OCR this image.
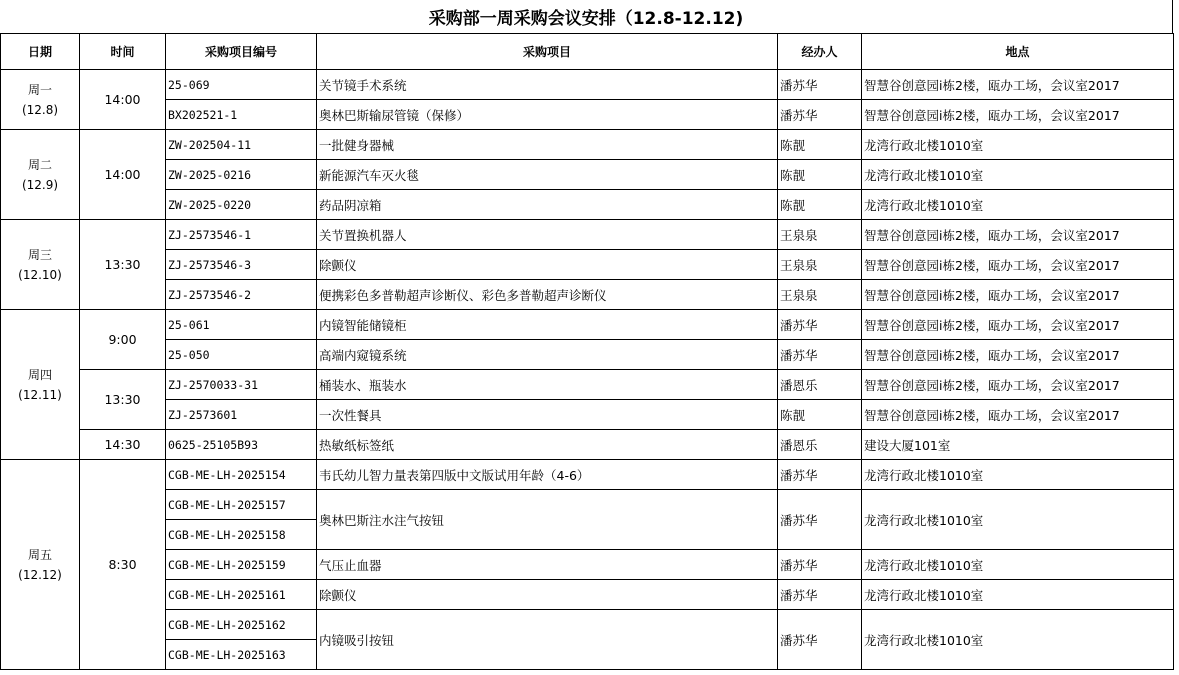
采购部一周采购会议安排（12.8-12.12)
日期	时间	采购项目编号	采购项目	经办人	地点

周一
(12.8)	14:00	25-069	关节镜手术系统	潘苏华	智慧谷创意园i栋2楼，瓯办工场，会议室2017
		BX202521-1	奥林巴斯输尿管镜（保修）	潘苏华	智慧谷创意园i栋2楼，瓯办工场，会议室2017

周二
(12.9)	14:00	ZW-202504-11	一批健身器械	陈靓	龙湾行政北楼1010室
		ZW-2025-0216	新能源汽车灭火毯	陈靓	龙湾行政北楼1010室
		ZW-2025-0220	药品阴凉箱	陈靓	龙湾行政北楼1010室

周三
(12.10)	13:30	ZJ-2573546-1	关节置换机器人	王泉泉	智慧谷创意园i栋2楼，瓯办工场，会议室2017
		ZJ-2573546-3	除颤仪	王泉泉	智慧谷创意园i栋2楼，瓯办工场，会议室2017
		ZJ-2573546-2	便携彩色多普勒超声诊断仪、彩色多普勒超声诊断仪	王泉泉	智慧谷创意园i栋2楼，瓯办工场，会议室2017

周四
(12.11)	9:00	25-061	内镜智能储镜柜	潘苏华	智慧谷创意园i栋2楼，瓯办工场，会议室2017
		25-050	高端内窥镜系统	潘苏华	智慧谷创意园i栋2楼，瓯办工场，会议室2017
	13:30	ZJ-2570033-31	桶装水、瓶装水	潘恩乐	智慧谷创意园i栋2楼，瓯办工场，会议室2017
		ZJ-2573601	一次性餐具	陈靓	智慧谷创意园i栋2楼，瓯办工场，会议室2017
	14:30	0625-25105B93	热敏纸标签纸	潘恩乐	建设大厦101室

周五
(12.12)	8:30	CGB-ME-LH-2025154	韦氏幼儿智力量表第四版中文版试用年龄（4-6）	潘苏华	龙湾行政北楼1010室
		CGB-ME-LH-2025157	奥林巴斯注水注气按钮	潘苏华	龙湾行政北楼1010室
		CGB-ME-LH-2025158			
		CGB-ME-LH-2025159	气压止血器	潘苏华	龙湾行政北楼1010室
		CGB-ME-LH-2025161	除颤仪	潘苏华	龙湾行政北楼1010室
		CGB-ME-LH-2025162	内镜吸引按钮	潘苏华	龙湾行政北楼1010室
		CGB-ME-LH-2025163			
